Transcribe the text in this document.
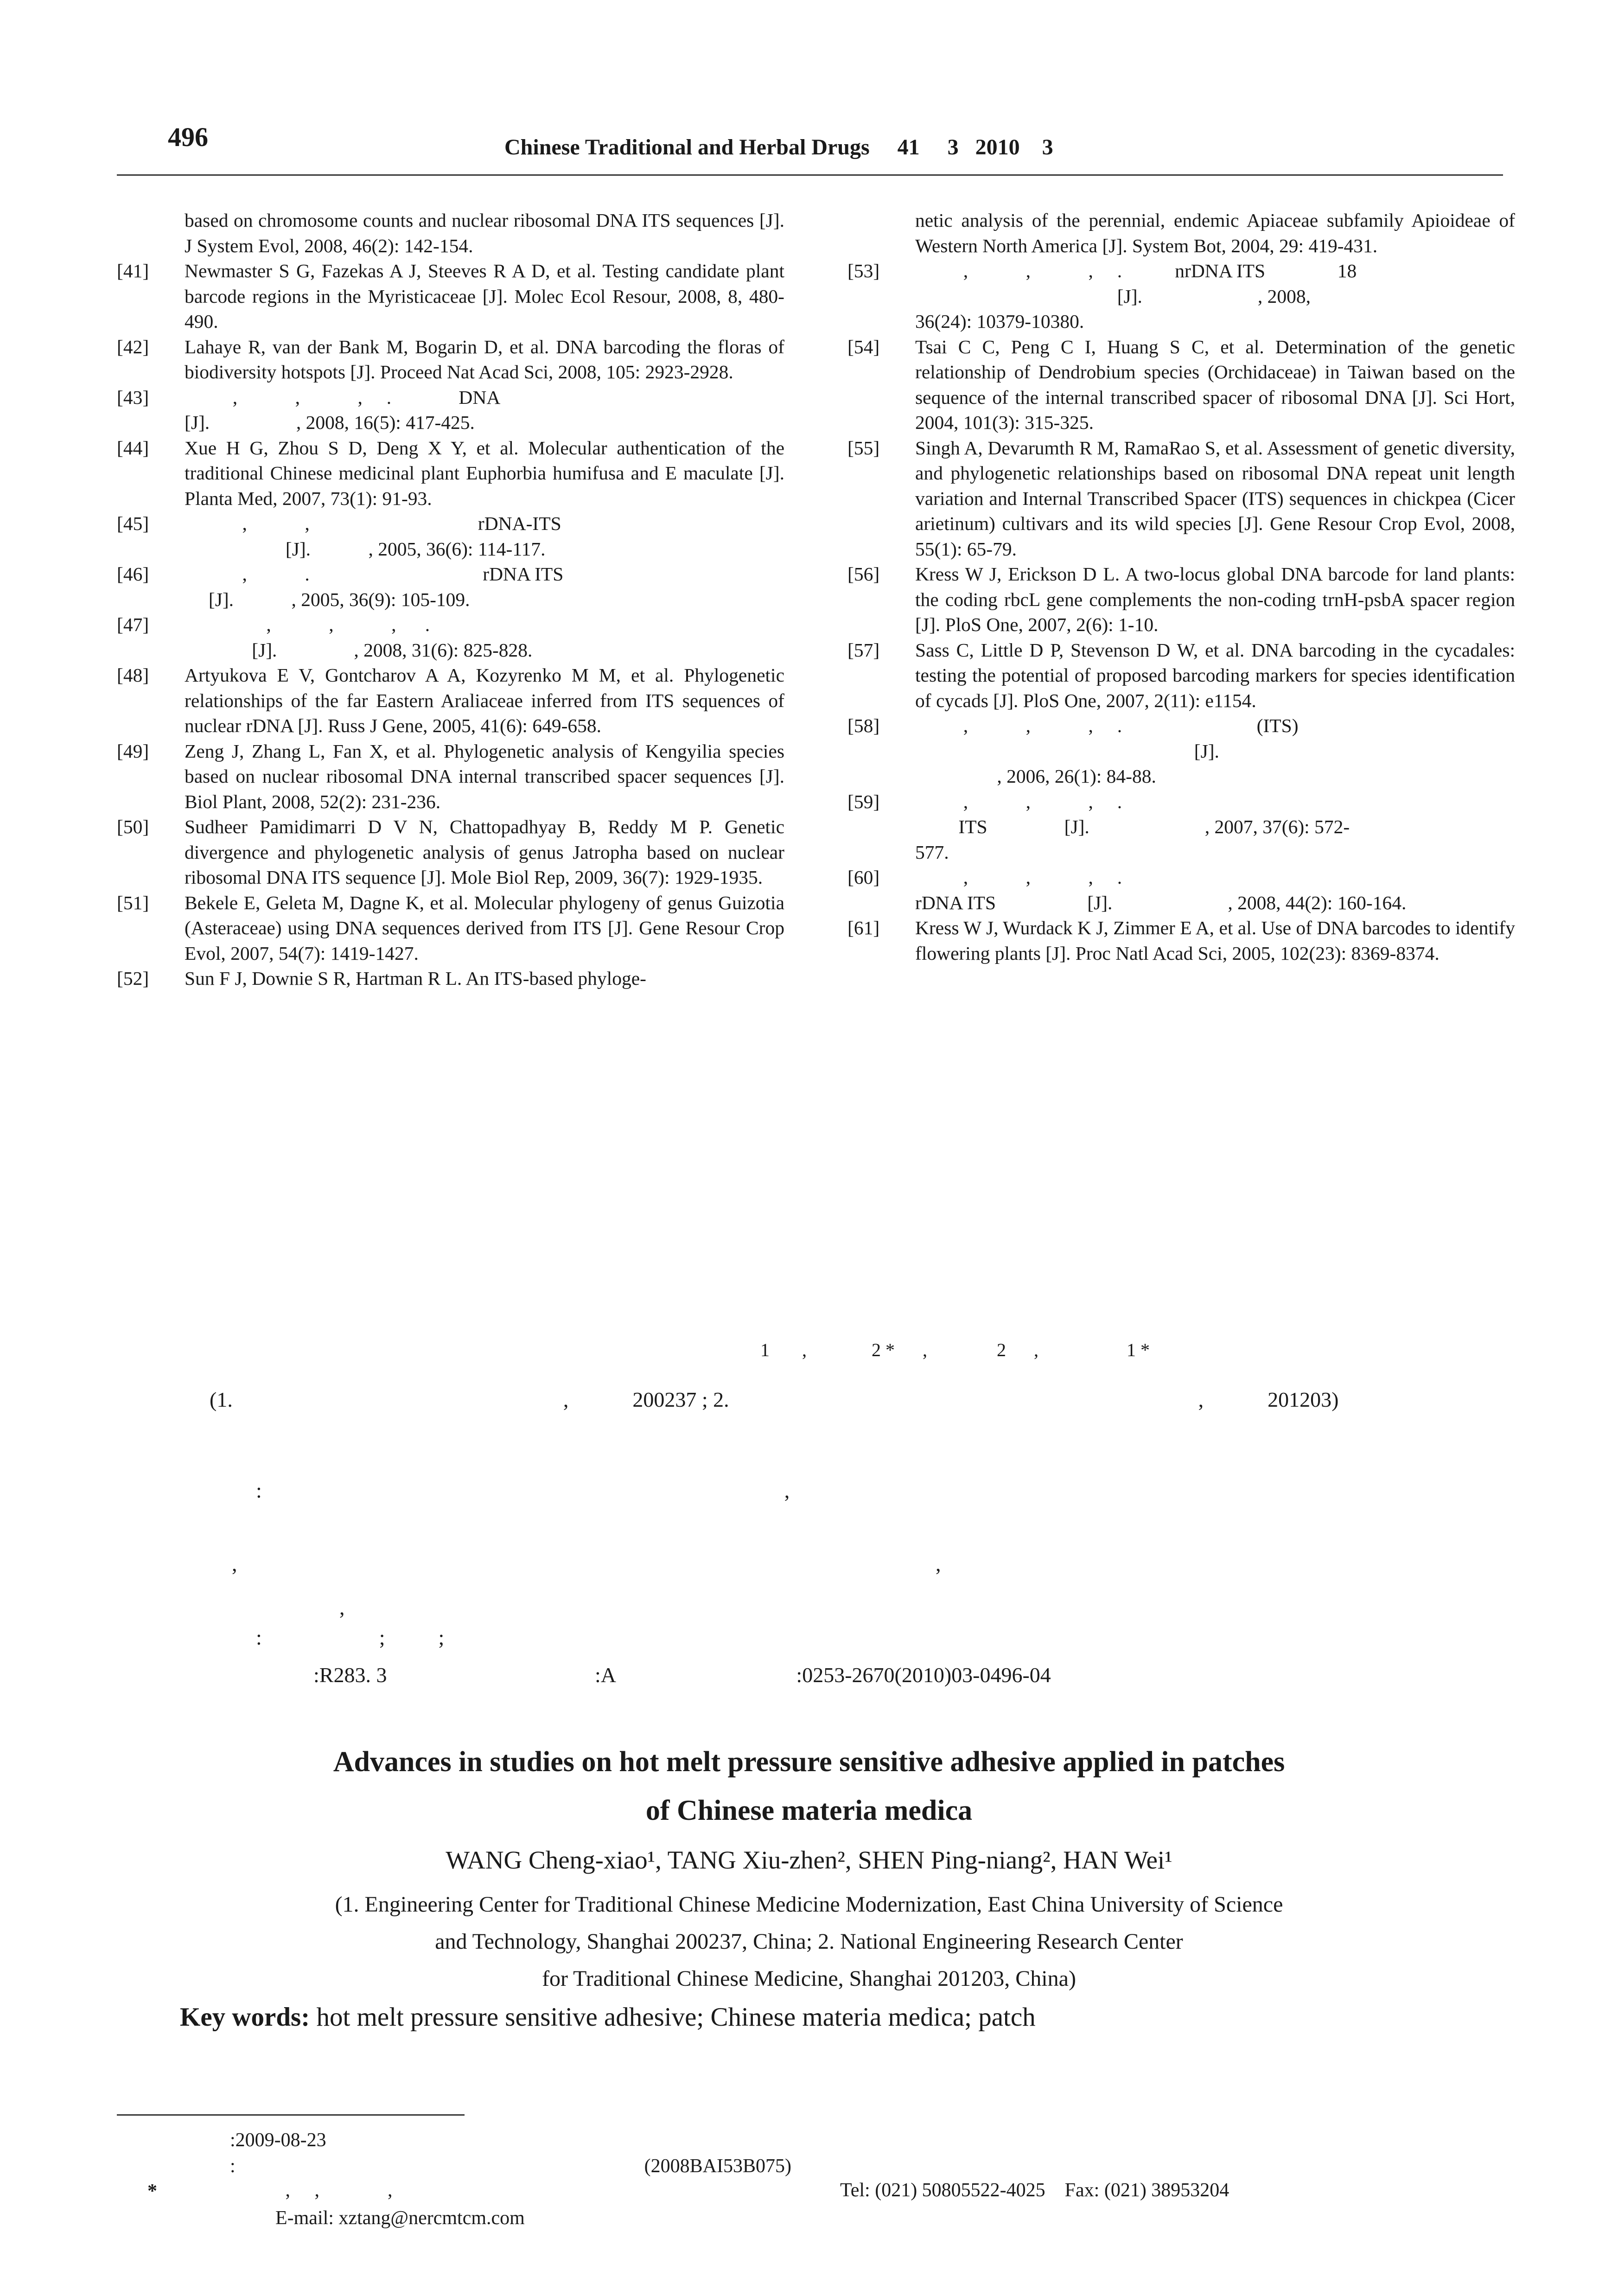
496	Chinese Traditional and Herbal Drugs     41     3   2010    3
based on chromosome counts and nuclear ribosomal DNA ITS sequences [J]. J System Evol, 2008, 46(2): 142-154.
[41]	Newmaster S G, Fazekas A J, Steeves R A D, et al. Testing candidate plant barcode regions in the Myristicaceae [J]. Molec Ecol Resour, 2008, 8, 480-490.
[42]	Lahaye R, van der Bank M, Bogarin D, et al. DNA barcoding the floras of biodiversity hotspots [J]. Proceed Nat Acad Sci, 2008, 105: 2923-2928.
[43]	,            ,            ,     .              DNA
[J].                  , 2008, 16(5): 417-425.
[44]	Xue H G, Zhou S D, Deng X Y, et al. Molecular authentication of the traditional Chinese medicinal plant Euphorbia humifusa and E maculate [J]. Planta Med, 2007, 73(1): 91-93.
[45]	,            ,                                   rDNA-ITS
[J].            , 2005, 36(6): 114-117.
[46]	,            .                                    rDNA ITS
[J].            , 2005, 36(9): 105-109.
[47]	,            ,            ,      .
[J].                , 2008, 31(6): 825-828.
[48]	Artyukova E V, Gontcharov A A, Kozyrenko M M, et al. Phylogenetic relationships of the far Eastern Araliaceae inferred from ITS sequences of nuclear rDNA [J]. Russ J Gene, 2005, 41(6): 649-658.
[49]	Zeng J, Zhang L, Fan X, et al. Phylogenetic analysis of Kengyilia species based on nuclear ribosomal DNA internal transcribed spacer sequences [J]. Biol Plant, 2008, 52(2): 231-236.
[50]	Sudheer Pamidimarri D V N, Chattopadhyay B, Reddy M P. Genetic divergence and phylogenetic analysis of genus Jatropha based on nuclear ribosomal DNA ITS sequence [J]. Mole Biol Rep, 2009, 36(7): 1929-1935.
[51]	Bekele E, Geleta M, Dagne K, et al. Molecular phylogeny of genus Guizotia (Asteraceae) using DNA sequences derived from ITS [J]. Gene Resour Crop Evol, 2007, 54(7): 1419-1427.
[52]	Sun F J, Downie S R, Hartman R L. An ITS-based phyloge-
netic analysis of the perennial, endemic Apiaceae subfamily Apioideae of Western North America [J]. System Bot, 2004, 29: 419-431.
[53]	,            ,            ,     .           nrDNA ITS               18
[J].                        , 2008,
36(24): 10379-10380.
[54]	Tsai C C, Peng C I, Huang S C, et al. Determination of the genetic relationship of Dendrobium species (Orchidaceae) in Taiwan based on the sequence of the internal transcribed spacer of ribosomal DNA [J]. Sci Hort, 2004, 101(3): 315-325.
[55]	Singh A, Devarumth R M, RamaRao S, et al. Assessment of genetic diversity, and phylogenetic relationships based on ribosomal DNA repeat unit length variation and Internal Transcribed Spacer (ITS) sequences in chickpea (Cicer arietinum) cultivars and its wild species [J]. Gene Resour Crop Evol, 2008, 55(1): 65-79.
[56]	Kress W J, Erickson D L. A two-locus global DNA barcode for land plants: the coding rbcL gene complements the non-coding trnH-psbA spacer region [J]. PloS One, 2007, 2(6): 1-10.
[57]	Sass C, Little D P, Stevenson D W, et al. DNA barcoding in the cycadales: testing the potential of proposed barcoding markers for species identification of cycads [J]. PloS One, 2007, 2(11): e1154.
[58]	,            ,            ,     .                            (ITS)
[J].
, 2006, 26(1): 84-88.
[59]	,            ,            ,     .
ITS                [J].                        , 2007, 37(6): 572-
577.
[60]	,            ,            ,     .
rDNA ITS                   [J].                        , 2008, 44(2): 160-164.
[61]	Kress W J, Wurdack K J, Zimmer E A, et al. Use of DNA barcodes to identify flowering plants [J]. Proc Natl Acad Sci, 2005, 102(23): 8369-8374.
1       ,              2 *      ,               2      ,                   1 *
(1.                                                              ,            200237 ; 2.                                                                                        ,            201203)
:                                                                                                  ,
,                                                                                                                                   ,
,
:                      ;          ;
:R283. 3                                       :A                                  :0253-2670(2010)03-0496-04
Advances in studies on hot melt pressure sensitive adhesive applied in patches
of Chinese materia medica
WANG Cheng-xiao¹, TANG Xiu-zhen², SHEN Ping-niang², HAN Wei¹
(1. Engineering Center for Traditional Chinese Medicine Modernization, East China University of Science
and Technology, Shanghai 200237, China; 2. National Engineering Research Center
for Traditional Chinese Medicine, Shanghai 201203, China)
Key words: hot melt pressure sensitive adhesive; Chinese materia medica; patch
:2009-08-23
:                                                                                    (2008BAI53B075)
*	,     ,              ,	Tel: (021) 50805522-4025    Fax: (021) 38953204
E-mail: xztang@nercmtcm.com
